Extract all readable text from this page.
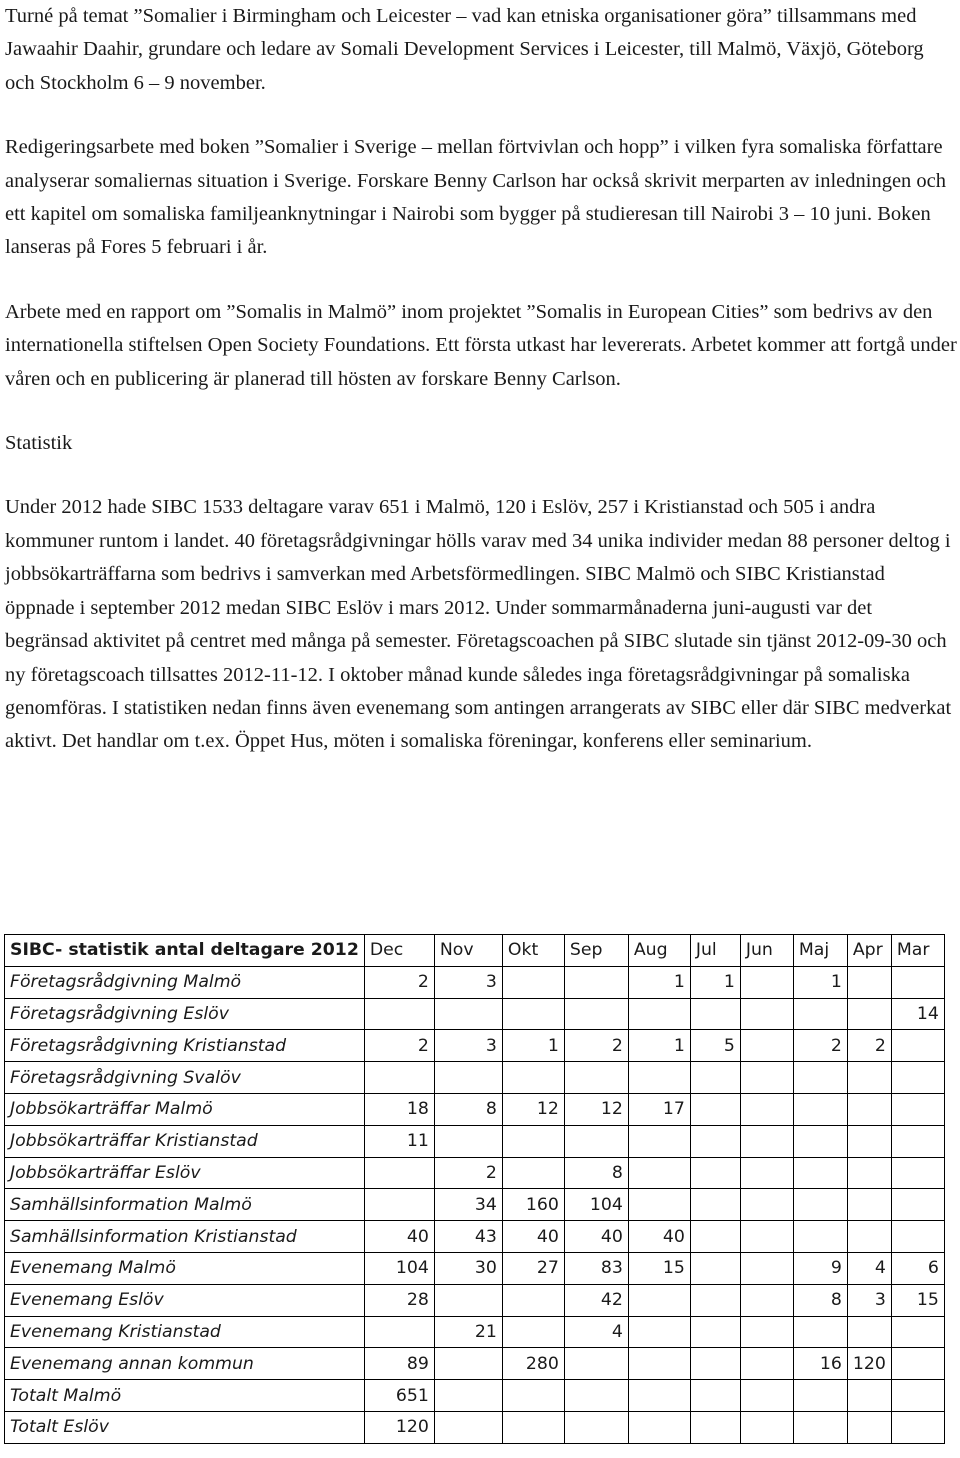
Turné på temat ”Somalier i Birmingham och Leicester – vad kan etniska organisationer göra” tillsammans med Jawaahir Daahir, grundare och ledare av Somali Development Services i Leicester, till Malmö, Växjö, Göteborg och Stockholm 6 – 9 november.

Redigeringsarbete med boken ”Somalier i Sverige – mellan förtvivlan och hopp” i vilken fyra somaliska författare analyserar somaliernas situation i Sverige. Forskare Benny Carlson har också skrivit merparten av inledningen och ett kapitel om somaliska familjeanknytningar i Nairobi som bygger på studieresan till Nairobi 3 – 10 juni. Boken lanseras på Fores 5 februari i år.

Arbete med en rapport om ”Somalis in Malmö” inom projektet ”Somalis in European Cities” som bedrivs av den internationella stiftelsen Open Society Foundations. Ett första utkast har levererats. Arbetet kommer att fortgå under våren och en publicering är planerad till hösten av forskare Benny Carlson.

Statistik

Under 2012 hade SIBC 1533 deltagare varav 651 i Malmö, 120 i Eslöv, 257 i Kristianstad och 505 i andra kommuner runtom i landet. 40 företagsrådgivningar hölls varav med 34 unika individer medan 88 personer deltog i jobbsökarträffarna som bedrivs i samverkan med Arbetsförmedlingen. SIBC Malmö och SIBC Kristianstad öppnade i september 2012 medan SIBC Eslöv i mars 2012. Under sommarmånaderna juni-augusti var det begränsad aktivitet på centret med många på semester. Företagscoachen på SIBC slutade sin tjänst 2012-09-30 och ny företagscoach tillsattes 2012-11-12. I oktober månad kunde således inga företagsrådgivningar på somaliska genomföras. I statistiken nedan finns även evenemang som antingen arrangerats av SIBC eller där SIBC medverkat aktivt. Det handlar om t.ex. Öppet Hus, möten i somaliska föreningar, konferens eller seminarium.

SIBC- statistik antal deltagare 2012	Dec	Nov	Okt	Sep	Aug	Jul	Jun	Maj	Apr	Mar
Företagsrådgivning Malmö	2	3			1	1		1		
Företagsrådgivning Eslöv										14
Företagsrådgivning Kristianstad	2	3	1	2	1	5		2	2	
Företagsrådgivning Svalöv										
Jobbsökarträffar Malmö	18	8	12	12	17					
Jobbsökarträffar Kristianstad	11									
Jobbsökarträffar Eslöv		2		8						
Samhällsinformation Malmö		34	160	104						
Samhällsinformation Kristianstad	40	43	40	40	40					
Evenemang Malmö	104	30	27	83	15			9	4	6
Evenemang Eslöv	28			42				8	3	15
Evenemang Kristianstad		21		4						
Evenemang annan kommun	89		280					16	120	
Totalt Malmö	651									
Totalt Eslöv	120									
